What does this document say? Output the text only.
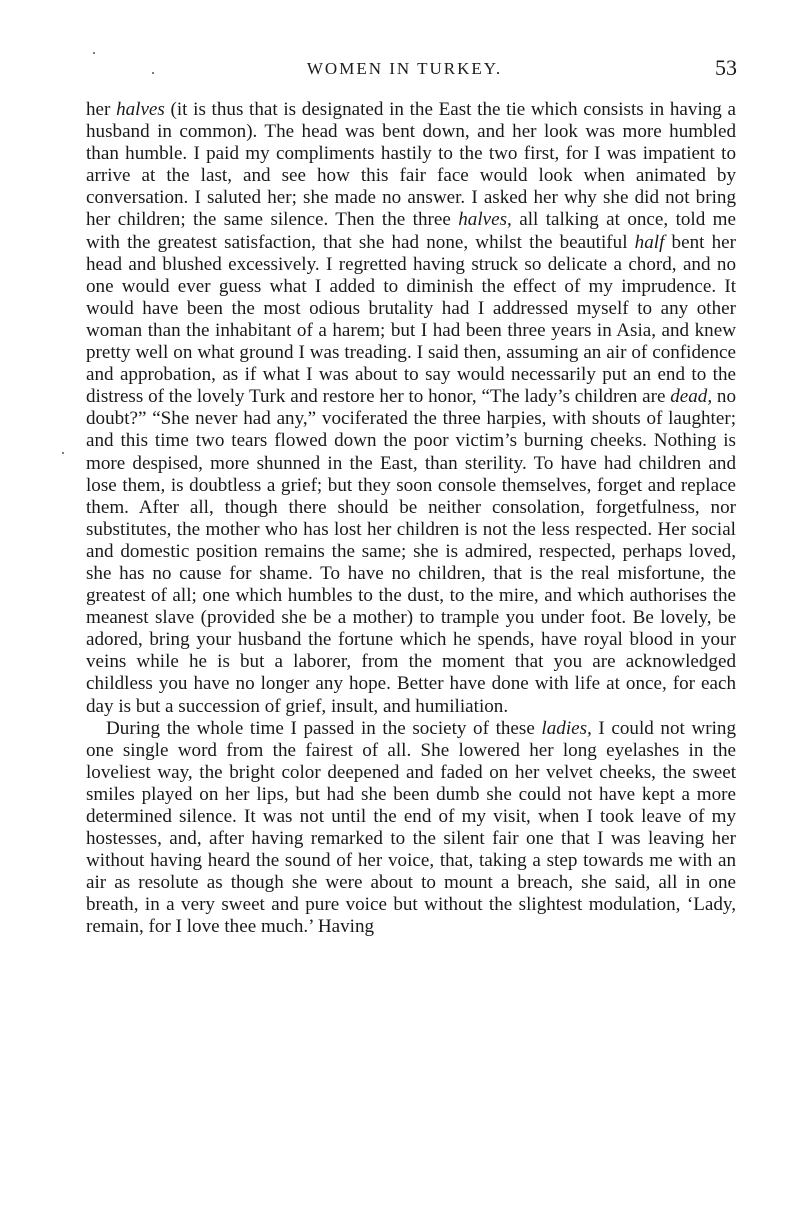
WOMEN IN TURKEY.	53

her halves (it is thus that is designated in the East the tie which consists in having a husband in common). The head was bent down, and her look was more humbled than humble. I paid my compliments hastily to the two first, for I was impatient to arrive at the last, and see how this fair face would look when animated by conversation. I saluted her; she made no answer. I asked her why she did not bring her children; the same silence. Then the three halves, all talking at once, told me with the greatest satisfaction, that she had none, whilst the beautiful half bent her head and blushed excessively. I regretted having struck so delicate a chord, and no one would ever guess what I added to diminish the effect of my imprudence. It would have been the most odious brutality had I addressed myself to any other woman than the inhabitant of a harem; but I had been three years in Asia, and knew pretty well on what ground I was treading. I said then, assuming an air of confidence and approbation, as if what I was about to say would necessarily put an end to the distress of the lovely Turk and restore her to honor, “The lady’s children are dead, no doubt?” “She never had any,” vociferated the three harpies, with shouts of laughter; and this time two tears flowed down the poor victim’s burning cheeks. Nothing is more despised, more shunned in the East, than sterility. To have had children and lose them, is doubtless a grief; but they soon console themselves, forget and replace them. After all, though there should be neither consolation, forgetfulness, nor substitutes, the mother who has lost her children is not the less respected. Her social and domestic position remains the same; she is admired, respected, perhaps loved, she has no cause for shame. To have no children, that is the real misfortune, the greatest of all; one which humbles to the dust, to the mire, and which authorises the meanest slave (provided she be a mother) to trample you under foot. Be lovely, be adored, bring your husband the fortune which he spends, have royal blood in your veins while he is but a laborer, from the moment that you are acknowledged childless you have no longer any hope. Better have done with life at once, for each day is but a succession of grief, insult, and humiliation.

During the whole time I passed in the society of these ladies, I could not wring one single word from the fairest of all. She lowered her long eyelashes in the loveliest way, the bright color deepened and faded on her velvet cheeks, the sweet smiles played on her lips, but had she been dumb she could not have kept a more determined silence. It was not until the end of my visit, when I took leave of my hostesses, and, after having remarked to the silent fair one that I was leaving her without having heard the sound of her voice, that, taking a step towards me with an air as resolute as though she were about to mount a breach, she said, all in one breath, in a very sweet and pure voice but without the slightest modulation, ‘Lady, remain, for I love thee much.’ Having
